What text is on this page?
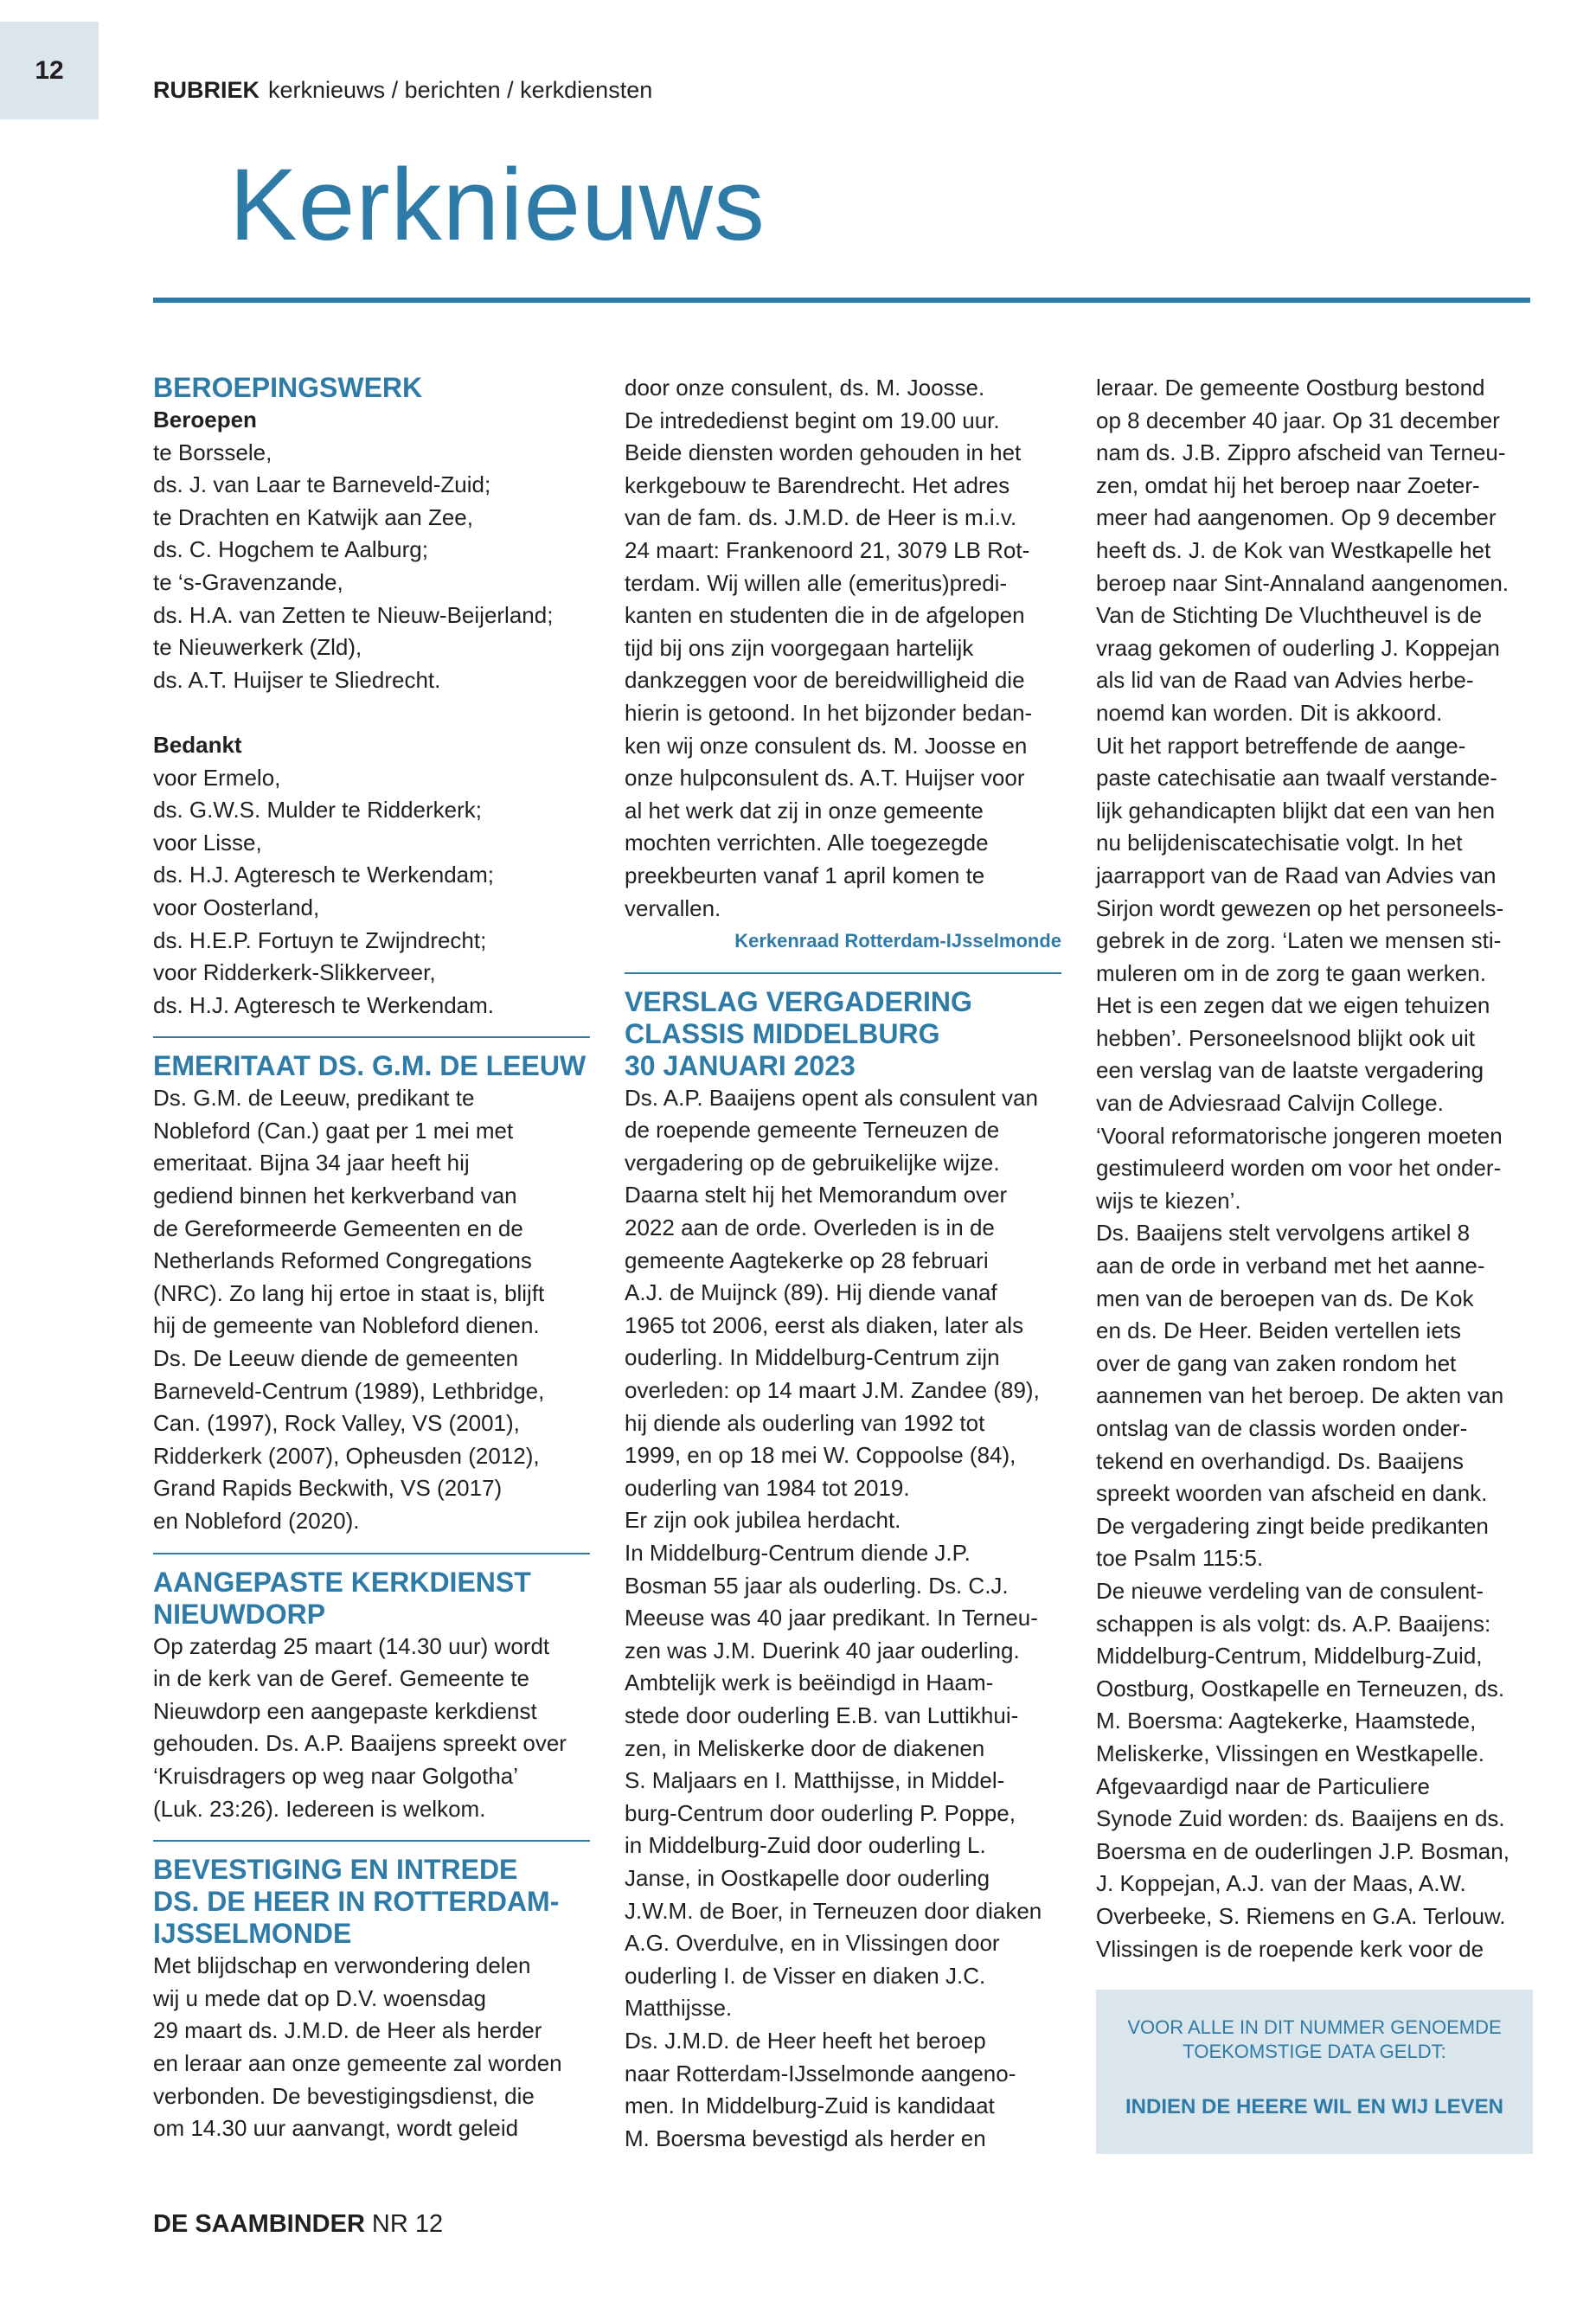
12
RUBRIEK kerknieuws / berichten / kerkdiensten
Kerknieuws
BEROEPINGSWERK
Beroepen
te Borssele,
ds. J. van Laar te Barneveld-Zuid;
te Drachten en Katwijk aan Zee,
ds. C. Hogchem te Aalburg;
te ‘s-Gravenzande,
ds. H.A. van Zetten te Nieuw-Beijerland;
te Nieuwerkerk (Zld),
ds. A.T. Huijser te Sliedrecht.
Bedankt
voor Ermelo,
ds. G.W.S. Mulder te Ridderkerk;
voor Lisse,
ds. H.J. Agteresch te Werkendam;
voor Oosterland,
ds. H.E.P. Fortuyn te Zwijndrecht;
voor Ridderkerk-Slikkerveer,
ds. H.J. Agteresch te Werkendam.
EMERITAAT DS. G.M. DE LEEUW
Ds. G.M. de Leeuw, predikant te
Nobleford (Can.) gaat per 1 mei met
emeritaat. Bijna 34 jaar heeft hij
gediend binnen het kerkverband van
de Gereformeerde Gemeenten en de
Netherlands Reformed Congregations
(NRC). Zo lang hij ertoe in staat is, blijft
hij de gemeente van Nobleford dienen.
Ds. De Leeuw diende de gemeenten
Barneveld-Centrum (1989), Lethbridge,
Can. (1997), Rock Valley, VS (2001),
Ridderkerk (2007), Opheusden (2012),
Grand Rapids Beckwith, VS (2017)
en Nobleford (2020).
AANGEPASTE KERKDIENST
NIEUWDORP
Op zaterdag 25 maart (14.30 uur) wordt
in de kerk van de Geref. Gemeente te
Nieuwdorp een aangepaste kerkdienst
gehouden. Ds. A.P. Baaijens spreekt over
‘Kruisdragers op weg naar Golgotha’
(Luk. 23:26). Iedereen is welkom.
BEVESTIGING EN INTREDE
DS. DE HEER IN ROTTERDAM-
IJSSELMONDE
Met blijdschap en verwondering delen
wij u mede dat op D.V. woensdag
29 maart ds. J.M.D. de Heer als herder
en leraar aan onze gemeente zal worden
verbonden. De bevestigingsdienst, die
om 14.30 uur aanvangt, wordt geleid
door onze consulent, ds. M. Joosse.
De intrededienst begint om 19.00 uur.
Beide diensten worden gehouden in het
kerkgebouw te Barendrecht. Het adres
van de fam. ds. J.M.D. de Heer is m.i.v.
24 maart: Frankenoord 21, 3079 LB Rot-
terdam. Wij willen alle (emeritus)predi-
kanten en studenten die in de afgelopen
tijd bij ons zijn voorgegaan hartelijk
dankzeggen voor de bereidwilligheid die
hierin is getoond. In het bijzonder bedan-
ken wij onze consulent ds. M. Joosse en
onze hulpconsulent ds. A.T. Huijser voor
al het werk dat zij in onze gemeente
mochten verrichten. Alle toegezegde
preekbeurten vanaf 1 april komen te
vervallen.
Kerkenraad Rotterdam-IJsselmonde
VERSLAG VERGADERING
CLASSIS MIDDELBURG
30 JANUARI 2023
Ds. A.P. Baaijens opent als consulent van
de roepende gemeente Terneuzen de
vergadering op de gebruikelijke wijze.
Daarna stelt hij het Memorandum over
2022 aan de orde. Overleden is in de
gemeente Aagtekerke op 28 februari
A.J. de Muijnck (89). Hij diende vanaf
1965 tot 2006, eerst als diaken, later als
ouderling. In Middelburg-Centrum zijn
overleden: op 14 maart J.M. Zandee (89),
hij diende als ouderling van 1992 tot
1999, en op 18 mei W. Coppoolse (84),
ouderling van 1984 tot 2019.
Er zijn ook jubilea herdacht.
In Middelburg-Centrum diende J.P.
Bosman 55 jaar als ouderling. Ds. C.J.
Meeuse was 40 jaar predikant. In Terneu-
zen was J.M. Duerink 40 jaar ouderling.
Ambtelijk werk is beëindigd in Haam-
stede door ouderling E.B. van Luttikhui-
zen, in Meliskerke door de diakenen
S. Maljaars en I. Matthijsse, in Middel-
burg-Centrum door ouderling P. Poppe,
in Middelburg-Zuid door ouderling L.
Janse, in Oostkapelle door ouderling
J.W.M. de Boer, in Terneuzen door diaken
A.G. Overdulve, en in Vlissingen door
ouderling I. de Visser en diaken J.C.
Matthijsse.
Ds. J.M.D. de Heer heeft het beroep
naar Rotterdam-IJsselmonde aangeno-
men. In Middelburg-Zuid is kandidaat
M. Boersma bevestigd als herder en
leraar. De gemeente Oostburg bestond
op 8 december 40 jaar. Op 31 december
nam ds. J.B. Zippro afscheid van Terneu-
zen, omdat hij het beroep naar Zoeter-
meer had aangenomen. Op 9 december
heeft ds. J. de Kok van Westkapelle het
beroep naar Sint-Annaland aangenomen.
Van de Stichting De Vluchtheuvel is de
vraag gekomen of ouderling J. Koppejan
als lid van de Raad van Advies herbe-
noemd kan worden. Dit is akkoord.
Uit het rapport betreffende de aange-
paste catechisatie aan twaalf verstande-
lijk gehandicapten blijkt dat een van hen
nu belijdeniscatechisatie volgt. In het
jaarrapport van de Raad van Advies van
Sirjon wordt gewezen op het personeels-
gebrek in de zorg. ‘Laten we mensen sti-
muleren om in de zorg te gaan werken.
Het is een zegen dat we eigen tehuizen
hebben’. Personeelsnood blijkt ook uit
een verslag van de laatste vergadering
van de Adviesraad Calvijn College.
‘Vooral reformatorische jongeren moeten
gestimuleerd worden om voor het onder-
wijs te kiezen’.
Ds. Baaijens stelt vervolgens artikel 8
aan de orde in verband met het aanne-
men van de beroepen van ds. De Kok
en ds. De Heer. Beiden vertellen iets
over de gang van zaken rondom het
aannemen van het beroep. De akten van
ontslag van de classis worden onder-
tekend en overhandigd. Ds. Baaijens
spreekt woorden van afscheid en dank.
De vergadering zingt beide predikanten
toe Psalm 115:5.
De nieuwe verdeling van de consulent-
schappen is als volgt: ds. A.P. Baaijens:
Middelburg-Centrum, Middelburg-Zuid,
Oostburg, Oostkapelle en Terneuzen, ds.
M. Boersma: Aagtekerke, Haamstede,
Meliskerke, Vlissingen en Westkapelle.
Afgevaardigd naar de Particuliere
Synode Zuid worden: ds. Baaijens en ds.
Boersma en de ouderlingen J.P. Bosman,
J. Koppejan, A.J. van der Maas, A.W.
Overbeeke, S. Riemens en G.A. Terlouw.
Vlissingen is de roepende kerk voor de
VOOR ALLE IN DIT NUMMER GENOEMDE
TOEKOMSTIGE DATA GELDT:
INDIEN DE HEERE WIL EN WIJ LEVEN
DE SAAMBINDER NR 12
